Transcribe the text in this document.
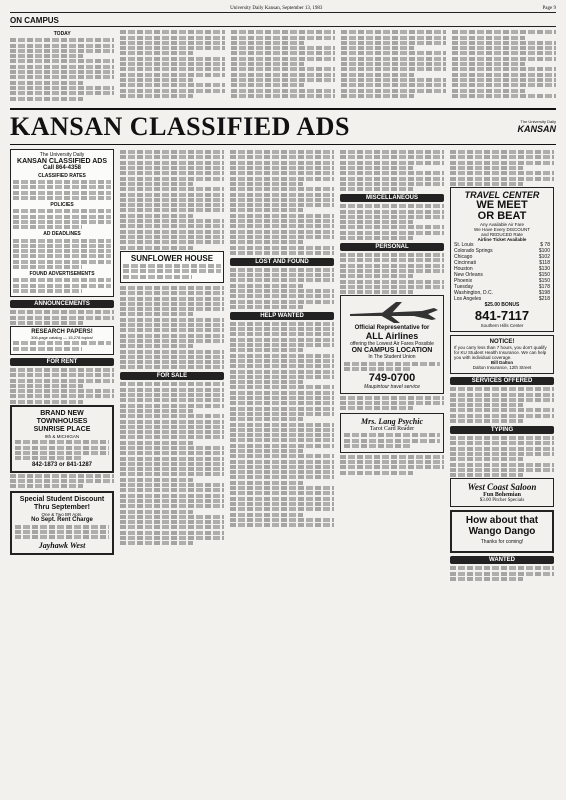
University Daily Kansan, September 13, 1983	Page 9
ON CAMPUS
TODAY
KANSAN CLASSIFIED ADS	The University Daily
KANSAN
The University Daily
KANSAN CLASSIFIED ADS
Call 864-4358
CLASSIFIED RATES
POLICIES
AD DEADLINES
FOUND ADVERTISEMENTS
ANNOUNCEMENTS
RESEARCH PAPERS!
306-page catalog — 15,278 topics!
FOR RENT
BRAND NEW TOWNHOUSES
SUNRISE PLACE
9th & MICHIGAN
842-1873 or 841-1287
Special Student Discount Thru September!
One & Two BR Apts.
No Sept. Rent Charge
Jayhawk West
SUNFLOWER HOUSE
FOR SALE
LOST AND FOUND
HELP WANTED
MISCELLANEOUS
PERSONAL
Official Representative for
ALL Airlines
offering the Lowest Air Fares Possible
ON CAMPUS LOCATION
In The Student Union
749-0700
Maupintour travel service
Mrs. Lang Psychic
Tarot Card Reader
TRAVEL CENTER
WE MEET
OR BEAT
Any Available Air Fare
We Have Every DISCOUNT
and REDUCED Rate
Airline Ticket Available
St. Louis	$ 78
Colorado Springs	$100
Chicago	$102
Cincinnati	$118
Houston	$130
New Orleans	$150
Phoenix	$150
Tuesday	$178
Washington, D.C.	$198
Los Angeles	$218
$25.00 BONUS
841-7117
Southern Hills Center
NOTICE!
If you carry less than 7 hours, you don't qualify for KU Student Health Insurance. We can help you with individual coverage.
Bill Dalton
Dalton Insurance, 12th Street
SERVICES OFFERED
TYPING
West Coast Saloon
Fun Bohemian
$3.00 Pitcher Specials
How about that Wango Dango
Thanks for coming!
WANTED
